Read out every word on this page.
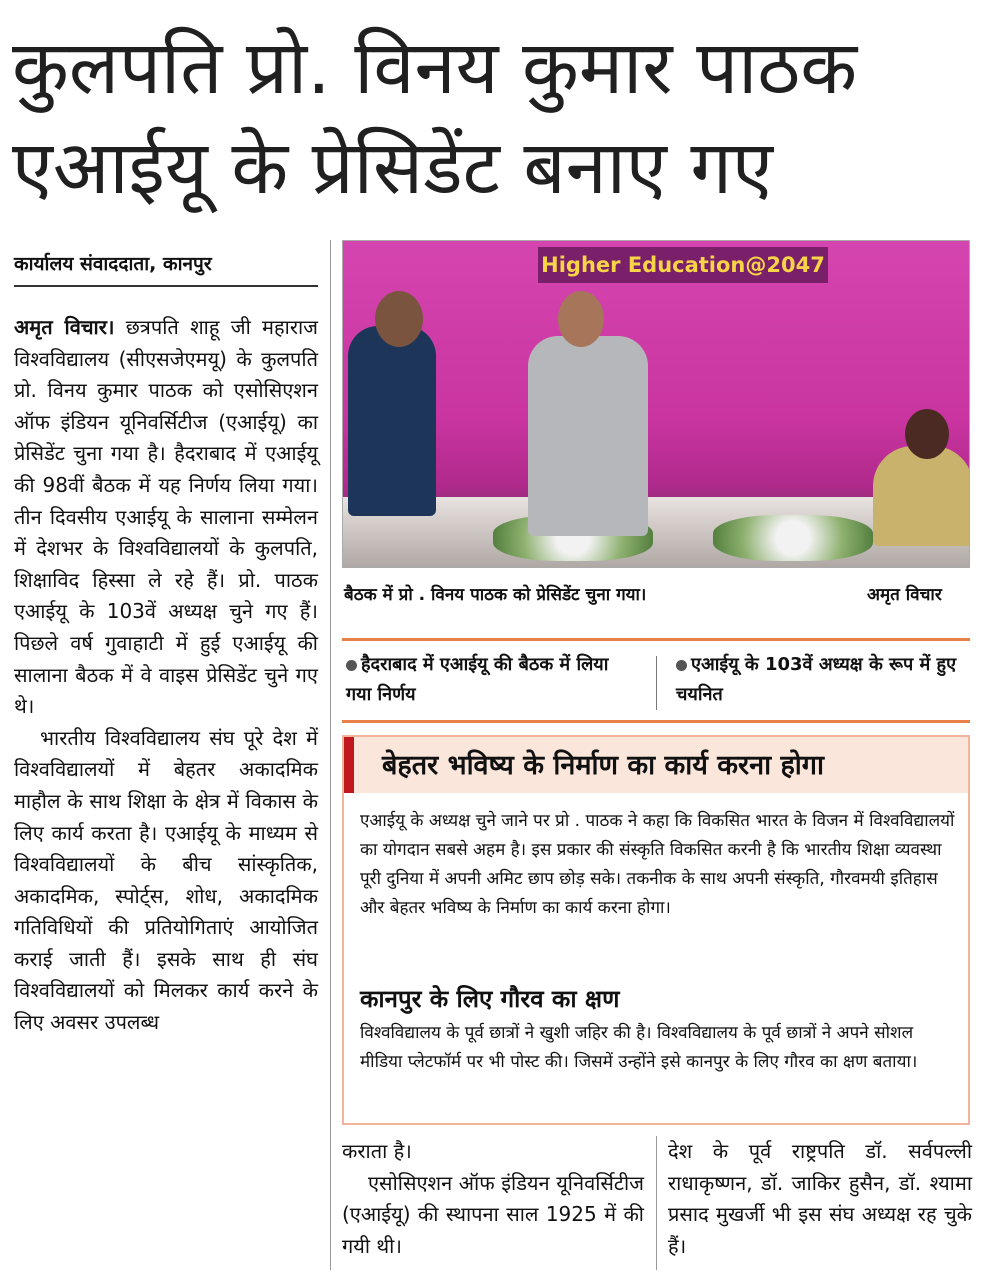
कुलपति प्रो. विनय कुमार पाठक
एआईयू के प्रेसिडेंट बनाए गए
कार्यालय संवाददाता, कानपुर

अमृत विचार। छत्रपति शाहू जी महाराज विश्वविद्यालय (सीएसजेएमयू) के कुलपति प्रो. विनय कुमार पाठक को एसोसिएशन ऑफ इंडियन यूनिवर्सिटीज (एआईयू) का प्रेसिडेंट चुना गया है। हैदराबाद में एआईयू की 98वीं बैठक में यह निर्णय लिया गया। तीन दिवसीय एआईयू के सालाना सम्मेलन में देशभर के विश्वविद्यालयों के कुलपति, शिक्षाविद हिस्सा ले रहे हैं। प्रो. पाठक एआईयू के 103वें अध्यक्ष चुने गए हैं। पिछले वर्ष गुवाहाटी में हुई एआईयू की सालाना बैठक में वे वाइस प्रेसिडेंट चुने गए थे।

भारतीय विश्वविद्यालय संघ पूरे देश में विश्वविद्यालयों में बेहतर अकादमिक माहौल के साथ शिक्षा के क्षेत्र में विकास के लिए कार्य करता है। एआईयू के माध्यम से विश्वविद्यालयों के बीच सांस्कृतिक, अकादमिक, स्पोर्ट्स, शोध, अकादमिक गतिविधियों की प्रतियोगिताएं आयोजित कराई जाती हैं। इसके साथ ही संघ विश्वविद्यालयों को मिलकर कार्य करने के लिए अवसर उपलब्ध

Higher Education@2047
बैठक में प्रो . विनय पाठक को प्रेसिडेंट चुना गया।	अमृत विचार
हैदराबाद में एआईयू की बैठक में लिया गया निर्णय
एआईयू के 103वें अध्यक्ष के रूप में हुए चयनित
बेहतर भविष्य के निर्माण का कार्य करना होगा
एआईयू के अध्यक्ष चुने जाने पर प्रो . पाठक ने कहा कि विकसित भारत के विजन में विश्वविद्यालयों का योगदान सबसे अहम है। इस प्रकार की संस्कृति विकसित करनी है कि भारतीय शिक्षा व्यवस्था पूरी दुनिया में अपनी अमिट छाप छोड़ सके। तकनीक के साथ अपनी संस्कृति, गौरवमयी इतिहास और बेहतर भविष्य के निर्माण का कार्य करना होगा।
कानपुर के लिए गौरव का क्षण
विश्वविद्यालय के पूर्व छात्रों ने खुशी जहिर की है। विश्वविद्यालय के पूर्व छात्रों ने अपने सोशल मीडिया प्लेटफॉर्म पर भी पोस्ट की। जिसमें उन्होंने इसे कानपुर के लिए गौरव का क्षण बताया।

कराता है।

एसोसिएशन ऑफ इंडियन यूनिवर्सिटीज (एआईयू) की स्थापना साल 1925 में की गयी थी।

देश के पूर्व राष्ट्रपति डॉ. सर्वपल्ली राधाकृष्णन, डॉ. जाकिर हुसैन, डॉ. श्यामा प्रसाद मुखर्जी भी इस संघ अध्यक्ष रह चुके हैं।
